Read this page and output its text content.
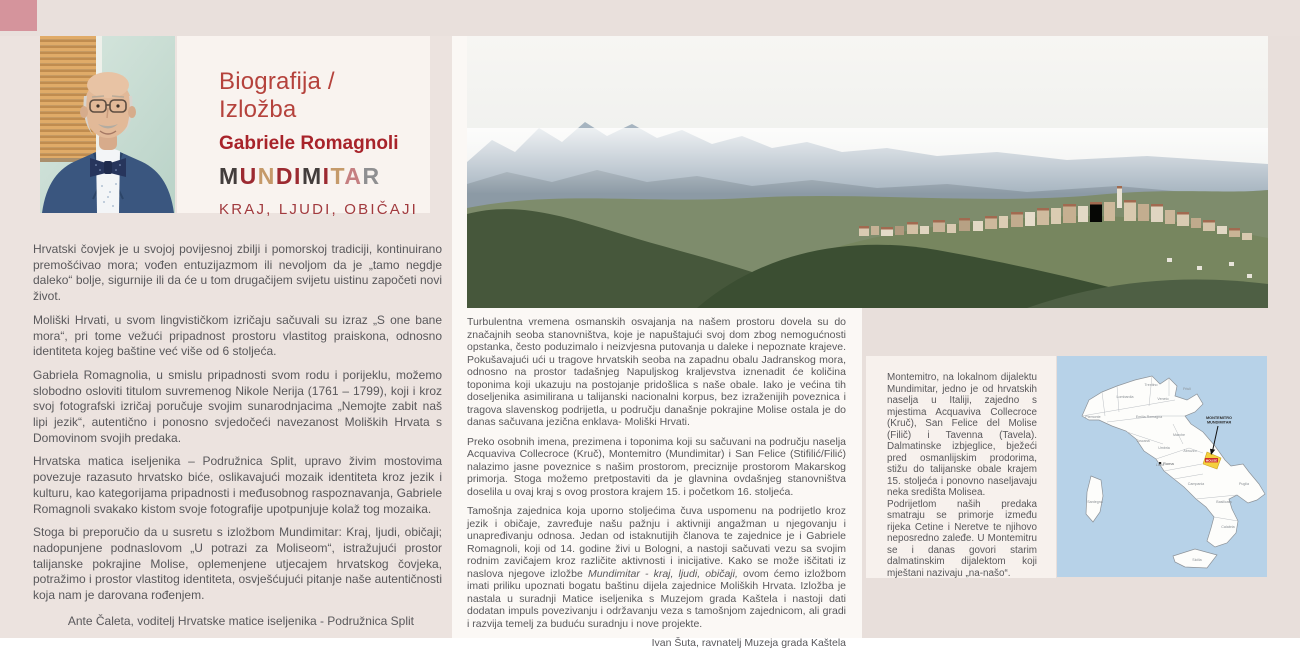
Biografija / Izložba
Gabriele Romagnoli
MUNDIMITAR
KRAJ, LJUDI, OBIČAJI

Hrvatski čovjek je u svojoj povijesnoj zbilji i pomorskoj tradiciji, kontinuirano premošćivao mora; vođen entuzijazmom ili nevoljom da je „tamo negdje daleko“ bolje, sigurnije ili da će u tom drugačijem svijetu uistinu započeti novi život.

Moliški Hrvati, u svom lingvističkom izričaju sačuvali su izraz „S one bane mora“, pri tome vežući pripadnost prostoru vlastitog praiskona, odnosno identiteta kojeg baštine već više od 6 stoljeća.

Gabriela Romagnolia, u smislu pripadnosti svom rodu i porijeklu, možemo slobodno osloviti titulom suvremenog Nikole Nerija (1761 – 1799), koji i kroz svoj fotografski izričaj poručuje svojim sunarodnjacima „Nemojte zabit naš lipi jezik“, autentično i ponosno svjedočeći navezanost Moliških Hrvata s Domovinom svojih predaka.

Hrvatska matica iseljenika – Podružnica Split, upravo živim mostovima povezuje razasuto hrvatsko biće, oslikavajući mozaik identiteta kroz jezik i kulturu, kao kategorijama pripadnosti i međusobnog raspoznavanja, Gabriele Romagnoli svakako kistom svoje fotografije upotpunjuje kolaž tog mozaika.

Stoga bi preporučio da u susretu s izložbom Mundimitar: Kraj, ljudi, običaji; nadopunjene podnaslovom „U potrazi za Moliseom“, istražujući prostor talijanske pokrajine Molise, oplemenjene utjecajem hrvatskog čovjeka, potražimo i prostor vlastitog identiteta, osvješćujući pitanje naše autentičnosti koja nam je darovana rođenjem.

Ante Čaleta, voditelj Hrvatske matice iseljenika - Podružnica Split

Turbulentna vremena osmanskih osvajanja na našem prostoru dovela su do značajnih seoba stanovništva, koje je napuštajući svoj dom zbog nemogućnosti opstanka, često poduzimalo i neizvjesna putovanja u daleke i nepoznate krajeve. Pokušavajući ući u tragove hrvatskih seoba na zapadnu obalu Jadranskog mora, odnosno na prostor tadašnjeg Napuljskog kraljevstva iznenadit će količina toponima koji ukazuju na postojanje pridošlica s naše obale. Iako je većina tih doseljenika asimilirana u talijanski nacionalni korpus, bez izraženijih poveznica i tragova slavenskog podrijetla, u području današnje pokrajine Molise ostala je do danas sačuvana jezična enklava- Moliški Hrvati.

Preko osobnih imena, prezimena i toponima koji su sačuvani na području naselja Acquaviva Collecroce (Kruč), Montemitro (Mundimitar) i San Felice (Stifilić/Filić) nalazimo jasne poveznice s našim prostorom, preciznije prostorom Makarskog primorja. Stoga možemo pretpostaviti da je glavnina ovdašnjeg stanovništva doselila u ovaj kraj s ovog prostora krajem 15. i početkom 16. stoljeća.

Tamošnja zajednica koja uporno stoljećima čuva uspomenu na podrijetlo kroz jezik i običaje, zavređuje našu pažnju i aktivniji angažman u njegovanju i unapređivanju odnosa. Jedan od istaknutijih članova te zajednice je i Gabriele Romagnoli, koji od 14. godine živi u Bologni, a nastoji sačuvati vezu sa svojim rodnim zavičajem kroz različite aktivnosti i inicijative. Kako se može iščitati iz naslova njegove izložbe Mundimitar - kraj, ljudi, običaji, ovom ćemo izložbom imati priliku upoznati bogatu baštinu dijela zajednice Moliških Hrvata. Izložba je nastala u suradnji Matice iseljenika s Muzejom grada Kaštela i nastoji dati dodatan impuls povezivanju i održavanju veza s tamošnjom zajednicom, ali gradi i razvija temelj za buduću suradnju i nove projekte.

Ivan Šuta, ravnatelj Muzeja grada Kaštela

Montemitro, na lokalnom dijalektu Mundimitar, jedno je od hrvatskih naselja u Italiji, zajedno s mjestima Acquaviva Collecroce (Kruč), San Felice del Molise (Filič) i Tavenna (Tavela). Dalmatinske izbjeglice, bježeći pred osmanlijskim prodorima, stižu do talijanske obale krajem 15. stoljeća i ponovno naseljavaju neka središta Molisea.

Podrijetlom naših predaka smatraju se primorje između rijeka Cetine i Neretve te njihovo neposredno zaleđe. U Montemitru se i danas govori starim dalmatinskim dijalektom koji mještani nazivaju „na-našo“.

MOLISE
Roma
MONTEMITRO
MUNDIMITAR
Piemonte
Lombardia
Trentino
Friuli
Veneto
Emilia Romagna
Toscana
Umbria
Marche
Lazio
Abruzzo
Campania	Puglia
Basilicata
Calabria
Sicilia
Sardegna
